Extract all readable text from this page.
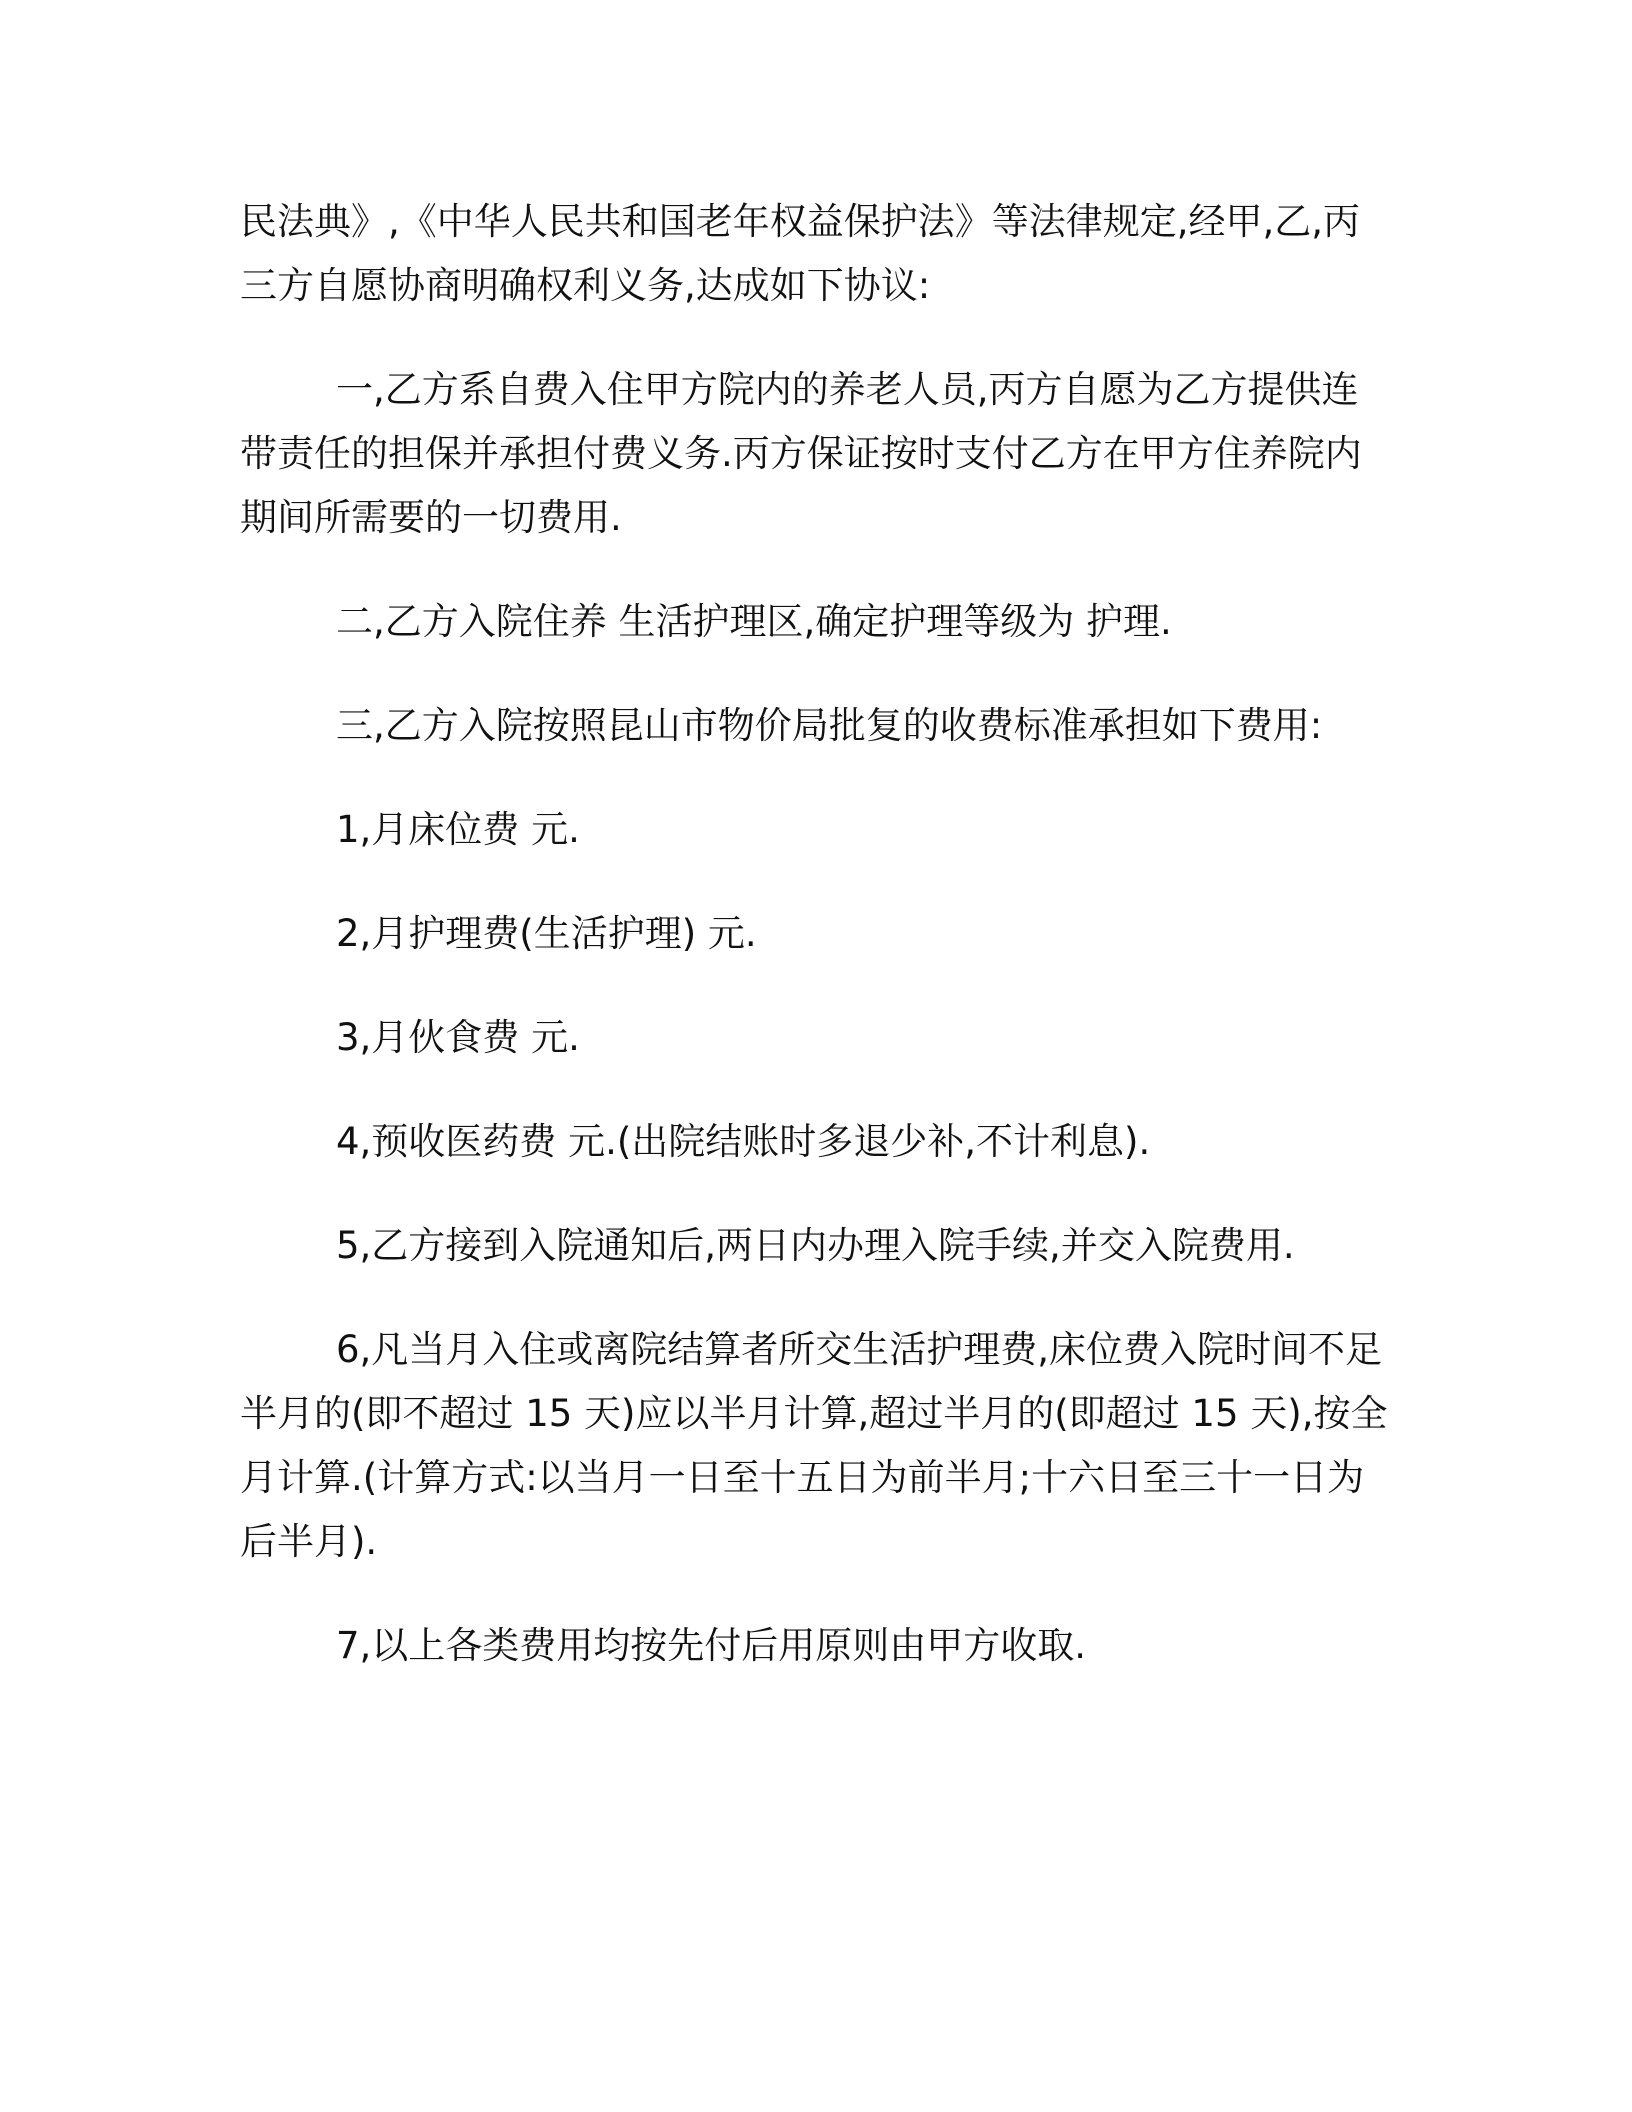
民法典》,《中华人民共和国老年权益保护法》等法律规定,经甲,乙,丙
三方自愿协商明确权利义务,达成如下协议:

一,乙方系自费入住甲方院内的养老人员,丙方自愿为乙方提供连
带责任的担保并承担付费义务.丙方保证按时支付乙方在甲方住养院内
期间所需要的一切费用.

二,乙方入院住养 生活护理区,确定护理等级为 护理.

三,乙方入院按照昆山市物价局批复的收费标准承担如下费用:

1,月床位费 元.

2,月护理费(生活护理) 元.

3,月伙食费 元.

4,预收医药费 元.(出院结账时多退少补,不计利息).

5,乙方接到入院通知后,两日内办理入院手续,并交入院费用.

6,凡当月入住或离院结算者所交生活护理费,床位费入院时间不足
半月的(即不超过 15 天)应以半月计算,超过半月的(即超过 15 天),按全
月计算.(计算方式:以当月一日至十五日为前半月;十六日至三十一日为
后半月).

7,以上各类费用均按先付后用原则由甲方收取.
